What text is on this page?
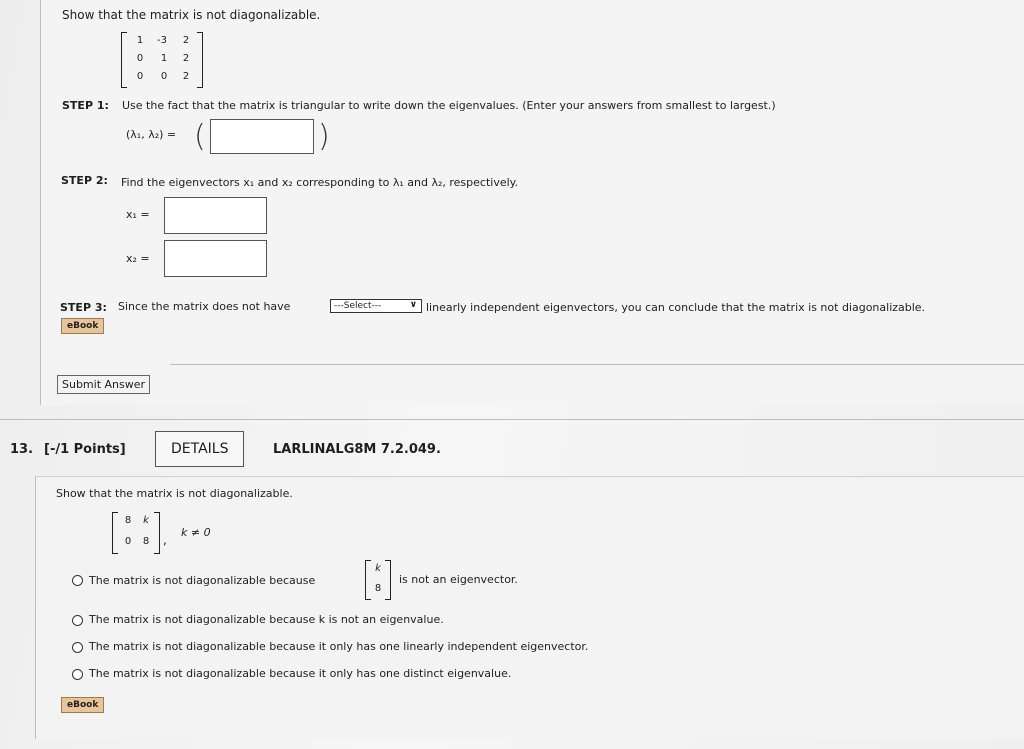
Show that the matrix is not diagonalizable.
1	-3	2
0	1	2
0	0	2
STEP 1: Use the fact that the matrix is triangular to write down the eigenvalues. (Enter your answers from smallest to largest.)
(λ₁, λ₂) = (	)
STEP 2: Find the eigenvectors x₁ and x₂ corresponding to λ₁ and λ₂, respectively.
x₁ =
x₂ =
STEP 3: Since the matrix does not have	---Select---	∨ linearly independent eigenvectors, you can conclude that the matrix is not diagonalizable.
eBook
Submit Answer
13. [-/1 Points]	DETAILS	LARLINALG8M 7.2.049.
Show that the matrix is not diagonalizable.
8	k
0	8	,
k ≠ 0
The matrix is not diagonalizable because
k
8
is not an eigenvector.
The matrix is not diagonalizable because k is not an eigenvalue.
The matrix is not diagonalizable because it only has one linearly independent eigenvector.
The matrix is not diagonalizable because it only has one distinct eigenvalue.
eBook
